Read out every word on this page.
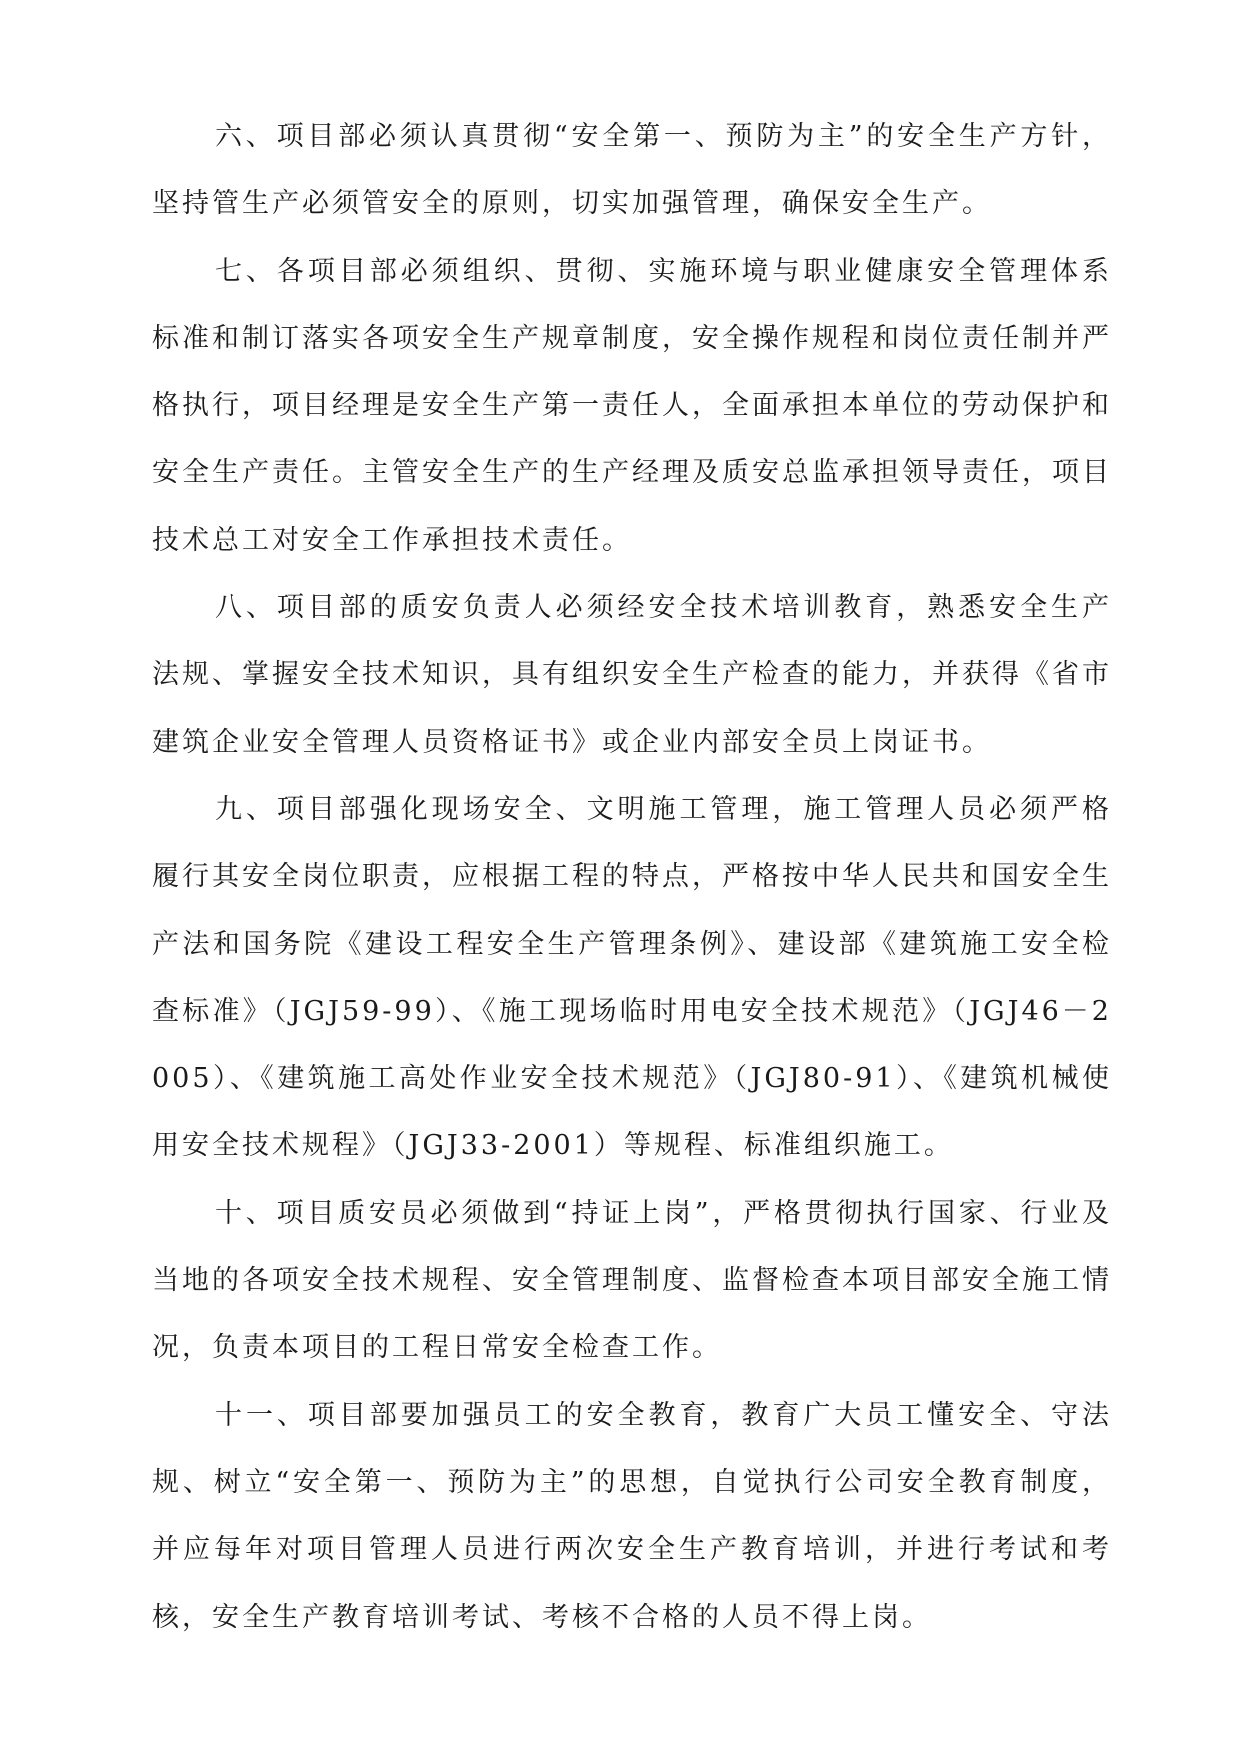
六、项目部必须认真贯彻“安全第一、预防为主”的安全生产方针，坚持管生产必须管安全的原则，切实加强管理，确保安全生产。

七、各项目部必须组织、贯彻、实施环境与职业健康安全管理体系标准和制订落实各项安全生产规章制度，安全操作规程和岗位责任制并严格执行，项目经理是安全生产第一责任人，全面承担本单位的劳动保护和安全生产责任。主管安全生产的生产经理及质安总监承担领导责任，项目技术总工对安全工作承担技术责任。

八、项目部的质安负责人必须经安全技术培训教育，熟悉安全生产法规、掌握安全技术知识，具有组织安全生产检查的能力，并获得《省市建筑企业安全管理人员资格证书》或企业内部安全员上岗证书。

九、项目部强化现场安全、文明施工管理，施工管理人员必须严格履行其安全岗位职责，应根据工程的特点，严格按中华人民共和国安全生产法和国务院《建设工程安全生产管理条例》、建设部《建筑施工安全检查标准》（JGJ59-99）、《施工现场临时用电安全技术规范》（JGJ46－2005）、《建筑施工高处作业安全技术规范》（JGJ80-91）、《建筑机械使用安全技术规程》（JGJ33-2001）等规程、标准组织施工。

十、项目质安员必须做到“持证上岗”，严格贯彻执行国家、行业及当地的各项安全技术规程、安全管理制度、监督检查本项目部安全施工情况，负责本项目的工程日常安全检查工作。

十一、项目部要加强员工的安全教育，教育广大员工懂安全、守法规、树立“安全第一、预防为主”的思想，自觉执行公司安全教育制度，并应每年对项目管理人员进行两次安全生产教育培训，并进行考试和考核，安全生产教育培训考试、考核不合格的人员不得上岗。
